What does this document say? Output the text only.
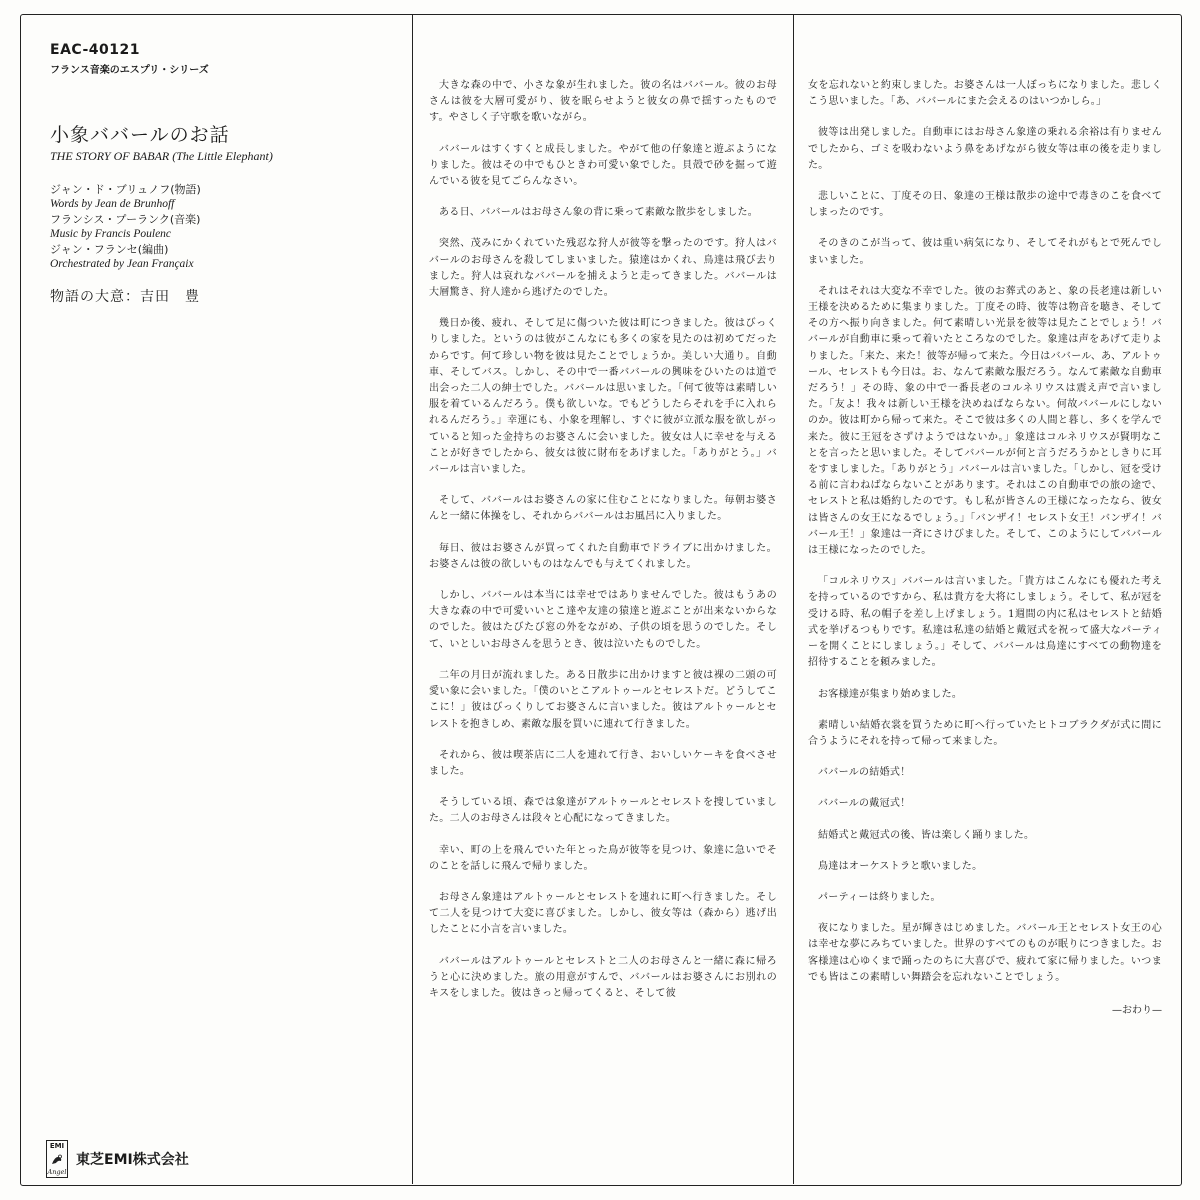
EAC-40121

フランス音楽のエスプリ・シリーズ

小象ババールのお話

THE STORY OF BABAR (The Little Elephant)

ジャン・ド・ブリュノフ(物語)

Words by Jean de Brunhoff

フランシス・プーランク(音楽)

Music by Francis Poulenc

ジャン・フランセ(編曲)

Orchestrated by Jean Françaix

物語の大意：吉田　豊

大きな森の中で、小さな象が生れました。彼の名はババール。彼のお母さんは彼を大層可愛がり、彼を眠らせようと彼女の鼻で揺すったものです。やさしく子守歌を歌いながら。

ババールはすくすくと成長しました。やがて他の仔象達と遊ぶようになりました。彼はその中でもひときわ可愛い象でした。貝殻で砂を掘って遊んでいる彼を見てごらんなさい。

ある日、ババールはお母さん象の背に乗って素敵な散歩をしました。

突然、茂みにかくれていた残忍な狩人が彼等を撃ったのです。狩人はババールのお母さんを殺してしまいました。猿達はかくれ、鳥達は飛び去りました。狩人は哀れなババールを捕えようと走ってきました。ババールは大層驚き、狩人達から逃げたのでした。

幾日か後、疲れ、そして足に傷ついた彼は町につきました。彼はびっくりしました。というのは彼がこんなにも多くの家を見たのは初めてだったからです。何て珍しい物を彼は見たことでしょうか。美しい大通り。自動車、そしてバス。しかし、その中で一番ババールの興味をひいたのは道で出会った二人の紳士でした。ババールは思いました。「何て彼等は素晴しい服を着ているんだろう。僕も欲しいな。でもどうしたらそれを手に入れられるんだろう。」幸運にも、小象を理解し、すぐに彼が立派な服を欲しがっていると知った金持ちのお婆さんに会いました。彼女は人に幸せを与えることが好きでしたから、彼女は彼に財布をあげました。「ありがとう。」ババールは言いました。

そして、ババールはお婆さんの家に住むことになりました。毎朝お婆さんと一緒に体操をし、それからババールはお風呂に入りました。

毎日、彼はお婆さんが買ってくれた自動車でドライブに出かけました。お婆さんは彼の欲しいものはなんでも与えてくれました。

しかし、ババールは本当には幸せではありませんでした。彼はもうあの大きな森の中で可愛いいとこ達や友達の猿達と遊ぶことが出来ないからなのでした。彼はたびたび窓の外をながめ、子供の頃を思うのでした。そして、いとしいお母さんを思うとき、彼は泣いたものでした。

二年の月日が流れました。ある日散歩に出かけますと彼は裸の二頭の可愛い象に会いました。「僕のいとこアルトゥールとセレストだ。どうしてここに！」彼はびっくりしてお婆さんに言いました。彼はアルトゥールとセレストを抱きしめ、素敵な服を買いに連れて行きました。

それから、彼は喫茶店に二人を連れて行き、おいしいケーキを食べさせました。

そうしている頃、森では象達がアルトゥールとセレストを捜していました。二人のお母さんは段々と心配になってきました。

幸い、町の上を飛んでいた年とった鳥が彼等を見つけ、象達に急いでそのことを話しに飛んで帰りました。

お母さん象達はアルトゥールとセレストを連れに町へ行きました。そして二人を見つけて大変に喜びました。しかし、彼女等は（森から）逃げ出したことに小言を言いました。

ババールはアルトゥールとセレストと二人のお母さんと一緒に森に帰ろうと心に決めました。旅の用意がすんで、ババールはお婆さんにお別れのキスをしました。彼はきっと帰ってくると、そして彼

女を忘れないと約束しました。お婆さんは一人ぼっちになりました。悲しくこう思いました。「あ、ババールにまた会えるのはいつかしら。」

彼等は出発しました。自動車にはお母さん象達の乗れる余裕は有りませんでしたから、ゴミを吸わないよう鼻をあげながら彼女等は車の後を走りました。

悲しいことに、丁度その日、象達の王様は散歩の途中で毒きのこを食べてしまったのです。

そのきのこが当って、彼は重い病気になり、そしてそれがもとで死んでしまいました。

それはそれは大変な不幸でした。彼のお葬式のあと、象の長老達は新しい王様を決めるために集まりました。丁度その時、彼等は物音を聴き、そしてその方へ振り向きました。何て素晴しい光景を彼等は見たことでしょう！ババールが自動車に乗って着いたところなのでした。象達は声をあげて走りよりました。「来た、来た！彼等が帰って来た。今日はババール、あ、アルトゥール、セレストも今日は。お、なんて素敵な服だろう。なんて素敵な自動車だろう！」その時、象の中で一番長老のコルネリウスは震え声で言いました。「友よ！我々は新しい王様を決めねばならない。何故ババールにしないのか。彼は町から帰って来た。そこで彼は多くの人間と暮し、多くを学んで来た。彼に王冠をさずけようではないか。」象達はコルネリウスが賢明なことを言ったと思いました。そしてババールが何と言うだろうかとしきりに耳をすましました。「ありがとう」ババールは言いました。「しかし、冠を受ける前に言わねばならないことがあります。それはこの自動車での旅の途で、セレストと私は婚約したのです。もし私が皆さんの王様になったなら、彼女は皆さんの女王になるでしょう。」「バンザイ！セレスト女王！バンザイ！ババール王！」象達は一斉にさけびました。そして、このようにしてババールは王様になったのでした。

「コルネリウス」ババールは言いました。「貴方はこんなにも優れた考えを持っているのですから、私は貴方を大将にしましょう。そして、私が冠を受ける時、私の帽子を差し上げましょう。1週間の内に私はセレストと結婚式を挙げるつもりです。私達は私達の結婚と戴冠式を祝って盛大なパーティーを開くことにしましょう。」そして、ババールは鳥達にすべての動物達を招待することを頼みました。

お客様達が集まり始めました。

素晴しい結婚衣裳を買うために町へ行っていたヒトコブラクダが式に間に合うようにそれを持って帰って来ました。

ババールの結婚式！

ババールの戴冠式！

結婚式と戴冠式の後、皆は楽しく踊りました。

鳥達はオーケストラと歌いました。

パーティーは終りました。

夜になりました。星が輝きはじめました。ババール王とセレスト女王の心は幸せな夢にみちていました。世界のすべてのものが眠りにつきました。お客様達は心ゆくまで踊ったのちに大喜びで、疲れて家に帰りました。いつまでも皆はこの素晴しい舞踏会を忘れないことでしょう。

—おわり—

EMI
Angel
東芝EMI株式会社
